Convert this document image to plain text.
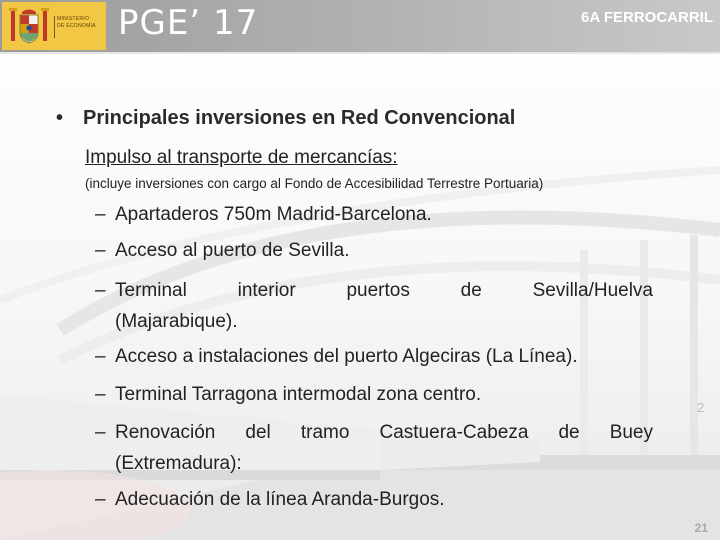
MINISTERIO
DE ECONOMÍA PGE’ 17	6A FERROCARRIL
• Principales inversiones en Red Convencional
Impulso al transporte de mercancías:
(incluye inversiones con cargo al Fondo de Accesibilidad Terrestre Portuaria)
– Apartaderos 750m Madrid-Barcelona.
– Acceso al puerto de Sevilla.
– Terminal interior puertos de Sevilla/Huelva
(Majarabique).
– Acceso a instalaciones del puerto Algeciras (La Línea).
– Terminal Tarragona intermodal zona centro.
– Renovación del tramo Castuera-Cabeza de Buey
(Extremadura):
– Adecuación de la línea Aranda-Burgos.
2
21
